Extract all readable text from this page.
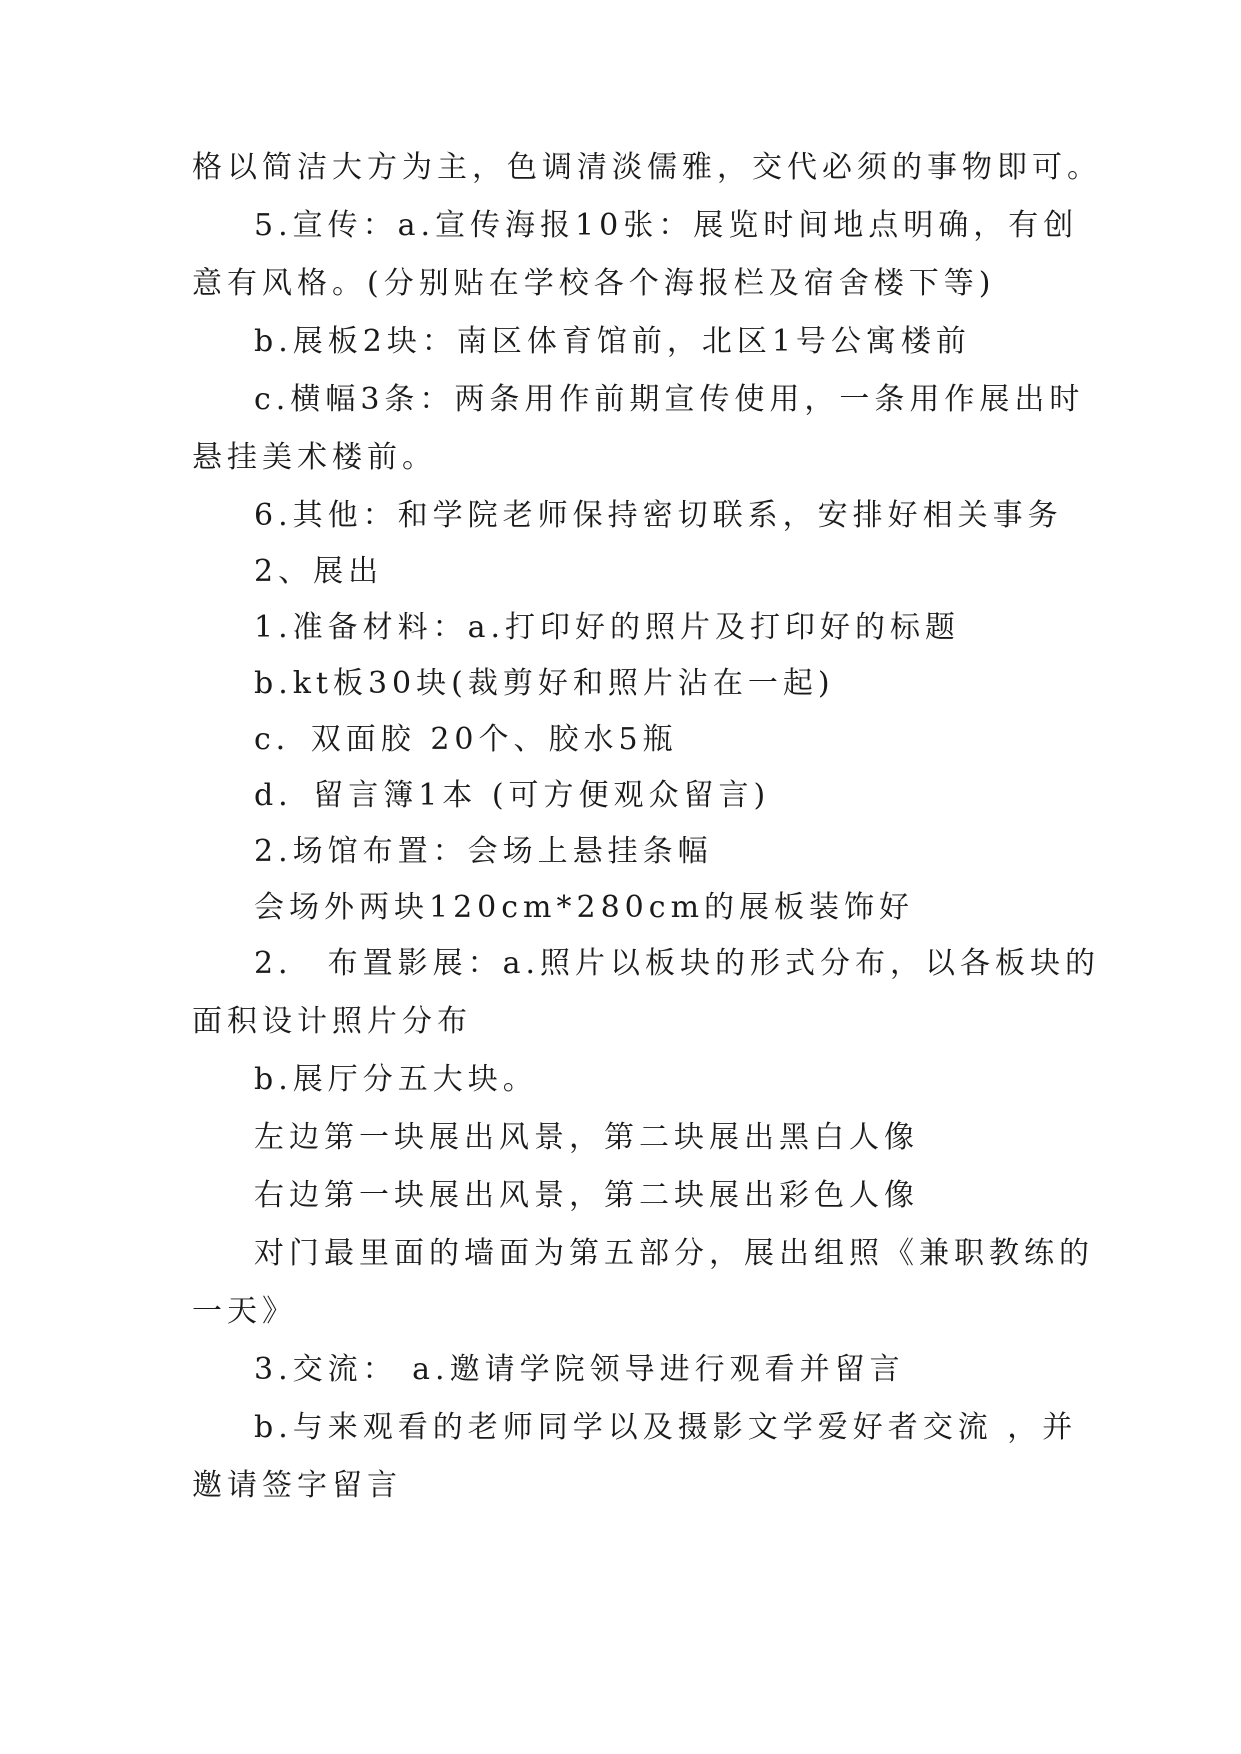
格以简洁大方为主，色调清淡儒雅，交代必须的事物即可。
5.宣传：a.宣传海报10张：展览时间地点明确，有创
意有风格。(分别贴在学校各个海报栏及宿舍楼下等)
b.展板2块：南区体育馆前，北区1号公寓楼前
c.横幅3条：两条用作前期宣传使用，一条用作展出时
悬挂美术楼前。
6.其他：和学院老师保持密切联系，安排好相关事务
2、展出
1.准备材料：a.打印好的照片及打印好的标题
b.kt板30块(裁剪好和照片沾在一起)
c．双面胶 20个、胶水5瓶
d．留言簿1本 (可方便观众留言)
2.场馆布置：会场上悬挂条幅
会场外两块120cm*280cm的展板装饰好
2． 布置影展：a.照片以板块的形式分布，以各板块的
面积设计照片分布
b.展厅分五大块。
左边第一块展出风景，第二块展出黑白人像
右边第一块展出风景，第二块展出彩色人像
对门最里面的墙面为第五部分，展出组照《兼职教练的
一天》
3.交流： a.邀请学院领导进行观看并留言
b.与来观看的老师同学以及摄影文学爱好者交流 ，并
邀请签字留言
